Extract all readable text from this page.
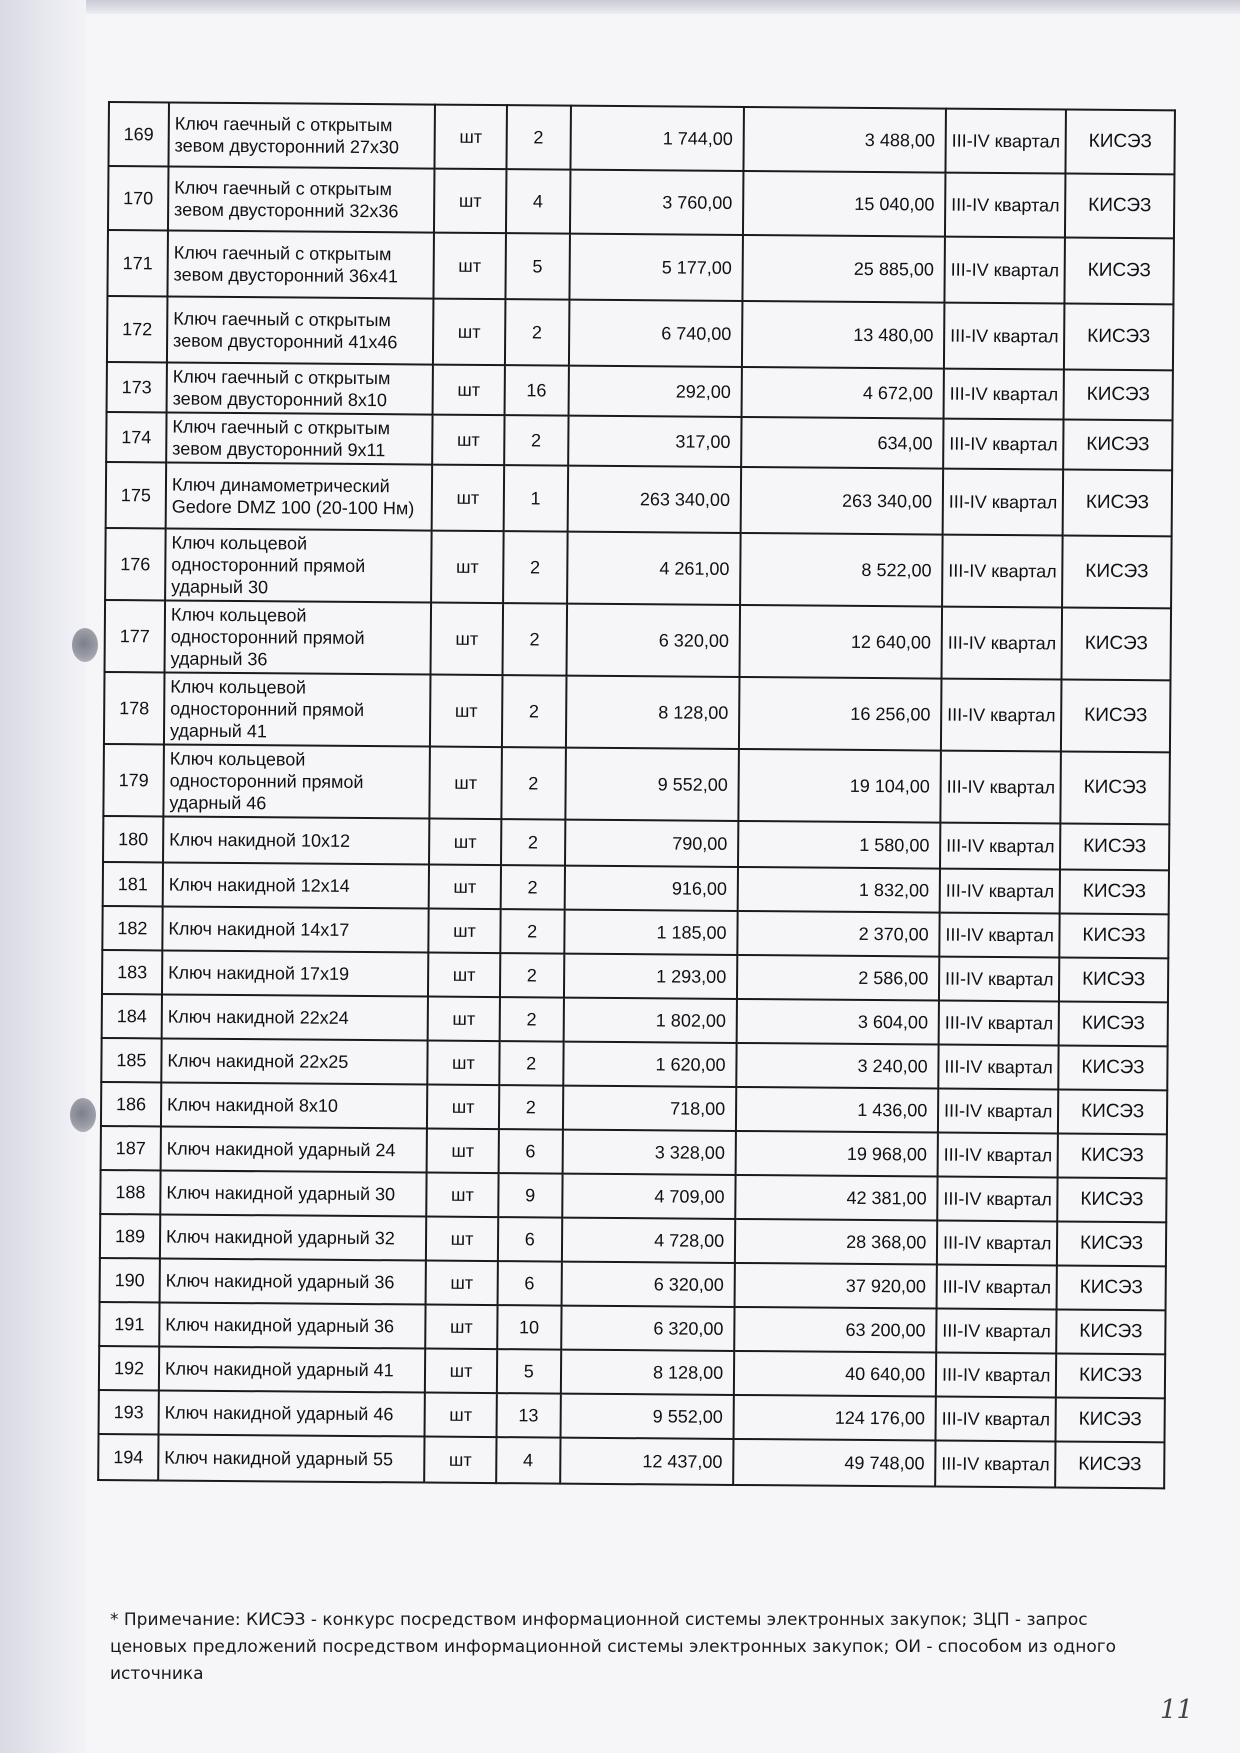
169	Ключ гаечный с открытым зевом двусторонний 27х30	шт	2	1 744,00	3 488,00	III-IV квартал	КИСЭЗ
170	Ключ гаечный с открытым зевом двусторонний 32х36	шт	4	3 760,00	15 040,00	III-IV квартал	КИСЭЗ
171	Ключ гаечный с открытым зевом двусторонний 36х41	шт	5	5 177,00	25 885,00	III-IV квартал	КИСЭЗ
172	Ключ гаечный с открытым зевом двусторонний 41х46	шт	2	6 740,00	13 480,00	III-IV квартал	КИСЭЗ
173	Ключ гаечный с открытым зевом двусторонний 8х10	шт	16	292,00	4 672,00	III-IV квартал	КИСЭЗ
174	Ключ гаечный с открытым зевом двусторонний 9х11	шт	2	317,00	634,00	III-IV квартал	КИСЭЗ
175	Ключ динамометрический Gedore DMZ 100 (20-100 Нм)	шт	1	263 340,00	263 340,00	III-IV квартал	КИСЭЗ
176	Ключ кольцевой односторонний прямой ударный 30	шт	2	4 261,00	8 522,00	III-IV квартал	КИСЭЗ
177	Ключ кольцевой односторонний прямой ударный 36	шт	2	6 320,00	12 640,00	III-IV квартал	КИСЭЗ
178	Ключ кольцевой односторонний прямой ударный 41	шт	2	8 128,00	16 256,00	III-IV квартал	КИСЭЗ
179	Ключ кольцевой односторонний прямой ударный 46	шт	2	9 552,00	19 104,00	III-IV квартал	КИСЭЗ
180	Ключ накидной 10х12	шт	2	790,00	1 580,00	III-IV квартал	КИСЭЗ
181	Ключ накидной 12х14	шт	2	916,00	1 832,00	III-IV квартал	КИСЭЗ
182	Ключ накидной 14х17	шт	2	1 185,00	2 370,00	III-IV квартал	КИСЭЗ
183	Ключ накидной 17х19	шт	2	1 293,00	2 586,00	III-IV квартал	КИСЭЗ
184	Ключ накидной 22х24	шт	2	1 802,00	3 604,00	III-IV квартал	КИСЭЗ
185	Ключ накидной 22х25	шт	2	1 620,00	3 240,00	III-IV квартал	КИСЭЗ
186	Ключ накидной 8х10	шт	2	718,00	1 436,00	III-IV квартал	КИСЭЗ
187	Ключ накидной ударный 24	шт	6	3 328,00	19 968,00	III-IV квартал	КИСЭЗ
188	Ключ накидной ударный 30	шт	9	4 709,00	42 381,00	III-IV квартал	КИСЭЗ
189	Ключ накидной ударный 32	шт	6	4 728,00	28 368,00	III-IV квартал	КИСЭЗ
190	Ключ накидной ударный 36	шт	6	6 320,00	37 920,00	III-IV квартал	КИСЭЗ
191	Ключ накидной ударный 36	шт	10	6 320,00	63 200,00	III-IV квартал	КИСЭЗ
192	Ключ накидной ударный 41	шт	5	8 128,00	40 640,00	III-IV квартал	КИСЭЗ
193	Ключ накидной ударный 46	шт	13	9 552,00	124 176,00	III-IV квартал	КИСЭЗ
194	Ключ накидной ударный 55	шт	4	12 437,00	49 748,00	III-IV квартал	КИСЭЗ
* Примечание: КИСЭЗ - конкурс посредством информационной системы электронных закупок; ЗЦП - запрос ценовых предложений посредством информационной системы электронных закупок; ОИ - способом из одного источника
11
